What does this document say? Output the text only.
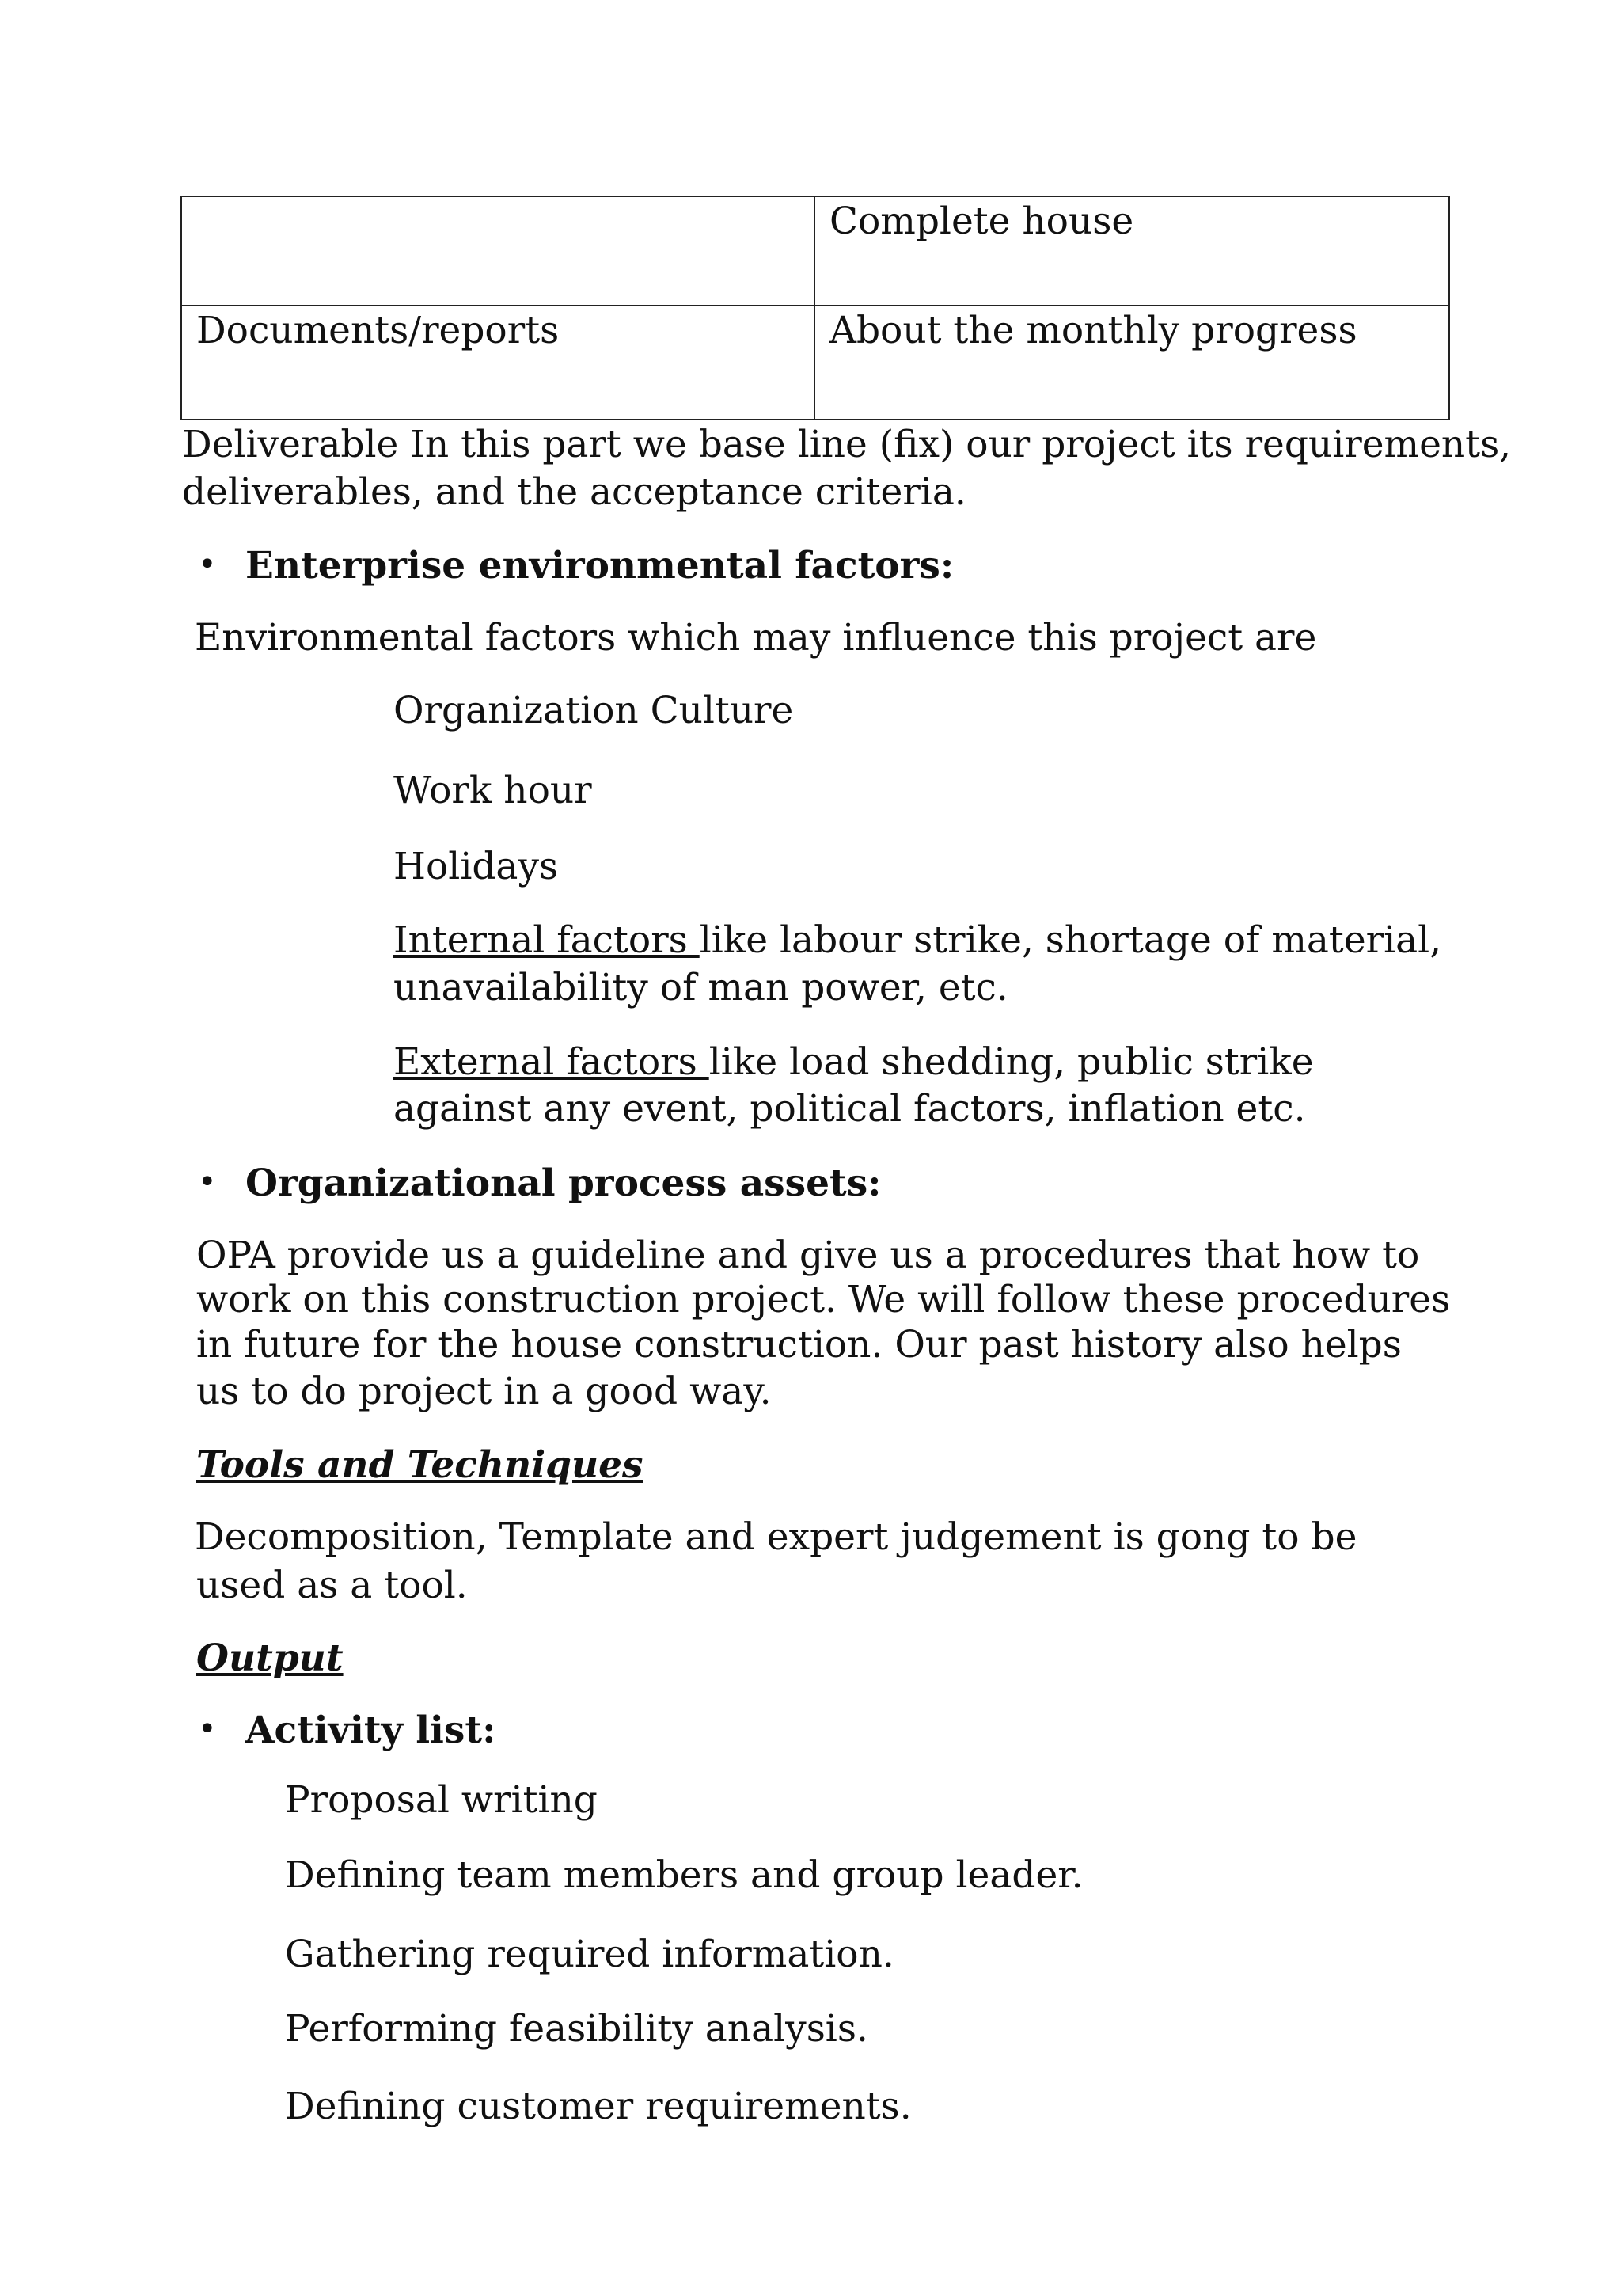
	Complete house
Documents/reports	About the monthly progress
Deliverable In this part we base line (fix) our project its requirements,
deliverables, and the acceptance criteria.
• Enterprise environmental factors:
Environmental factors which may influence this project are
Organization Culture
Work hour
Holidays
Internal factors like labour strike, shortage of material,
unavailability of man power, etc.
External factors like load shedding, public strike
against any event, political factors, inflation etc.
• Organizational process assets:
OPA provide us a guideline and give us a procedures that how to
work on this construction project. We will follow these procedures
in future for the house construction. Our past history also helps
us to do project in a good way.
Tools and Techniques
Decomposition, Template and expert judgement is gong to be
used as a tool.
Output
• Activity list:
Proposal writing
Defining team members and group leader.
Gathering required information.
Performing feasibility analysis.
Defining customer requirements.
